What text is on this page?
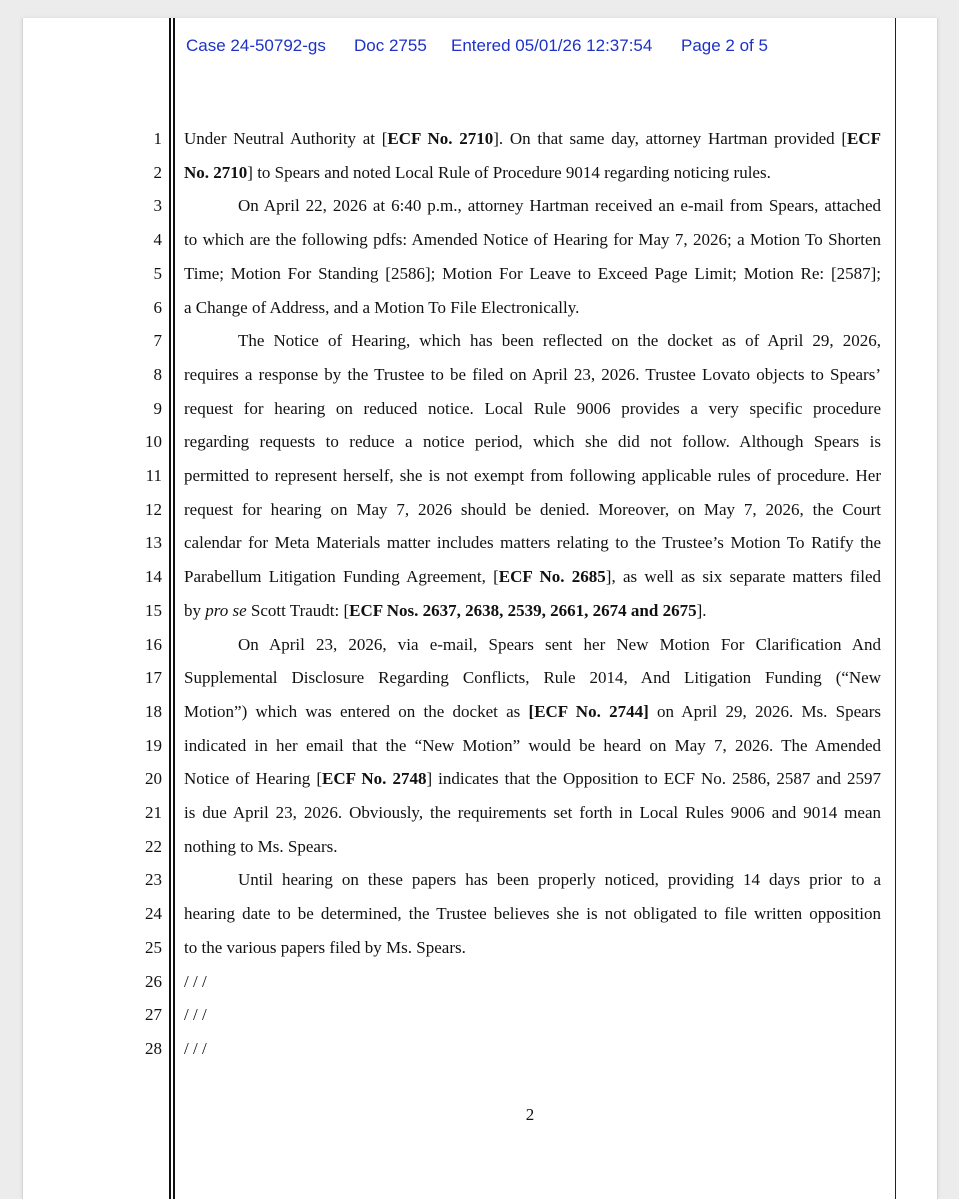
Case 24-50792-gs

Doc 2755

Entered 05/01/26 12:37:54

Page 2 of 5

1
2
3
4
5
6
7
8
9
10
11
12
13
14
15
16
17
18
19
20
21
22
23
24
25
26
27
28
Under Neutral Authority at [ECF No. 2710]. On that same day, attorney Hartman provided [ECF
No. 2710] to Spears and noted Local Rule of Procedure 9014 regarding noticing rules.
On April 22, 2026 at 6:40 p.m., attorney Hartman received an e-mail from Spears, attached
to which are the following pdfs: Amended Notice of Hearing for May 7, 2026; a Motion To Shorten
Time; Motion For Standing [2586]; Motion For Leave to Exceed Page Limit; Motion Re: [2587];
a Change of Address, and a Motion To File Electronically.
The Notice of Hearing, which has been reflected on the docket as of April 29, 2026,
requires a response by the Trustee to be filed on April 23, 2026. Trustee Lovato objects to Spears’
request for hearing on reduced notice. Local Rule 9006 provides a very specific procedure
regarding requests to reduce a notice period, which she did not follow. Although Spears is
permitted to represent herself, she is not exempt from following applicable rules of procedure. Her
request for hearing on May 7, 2026 should be denied. Moreover, on May 7, 2026, the Court
calendar for Meta Materials matter includes matters relating to the Trustee’s Motion To Ratify the
Parabellum Litigation Funding Agreement, [ECF No. 2685], as well as six separate matters filed
by pro se Scott Traudt: [ECF Nos. 2637, 2638, 2539, 2661, 2674 and 2675].
On April 23, 2026, via e-mail, Spears sent her New Motion For Clarification And
Supplemental Disclosure Regarding Conflicts, Rule 2014, And Litigation Funding (“New
Motion”) which was entered on the docket as [ECF No. 2744] on April 29, 2026. Ms. Spears
indicated in her email that the “New Motion” would be heard on May 7, 2026. The Amended
Notice of Hearing [ECF No. 2748] indicates that the Opposition to ECF No. 2586, 2587 and 2597
is due April 23, 2026. Obviously, the requirements set forth in Local Rules 9006 and 9014 mean
nothing to Ms. Spears.
Until hearing on these papers has been properly noticed, providing 14 days prior to a
hearing date to be determined, the Trustee believes she is not obligated to file written opposition
to the various papers filed by Ms. Spears.
/ / /
/ / /
/ / /
2
